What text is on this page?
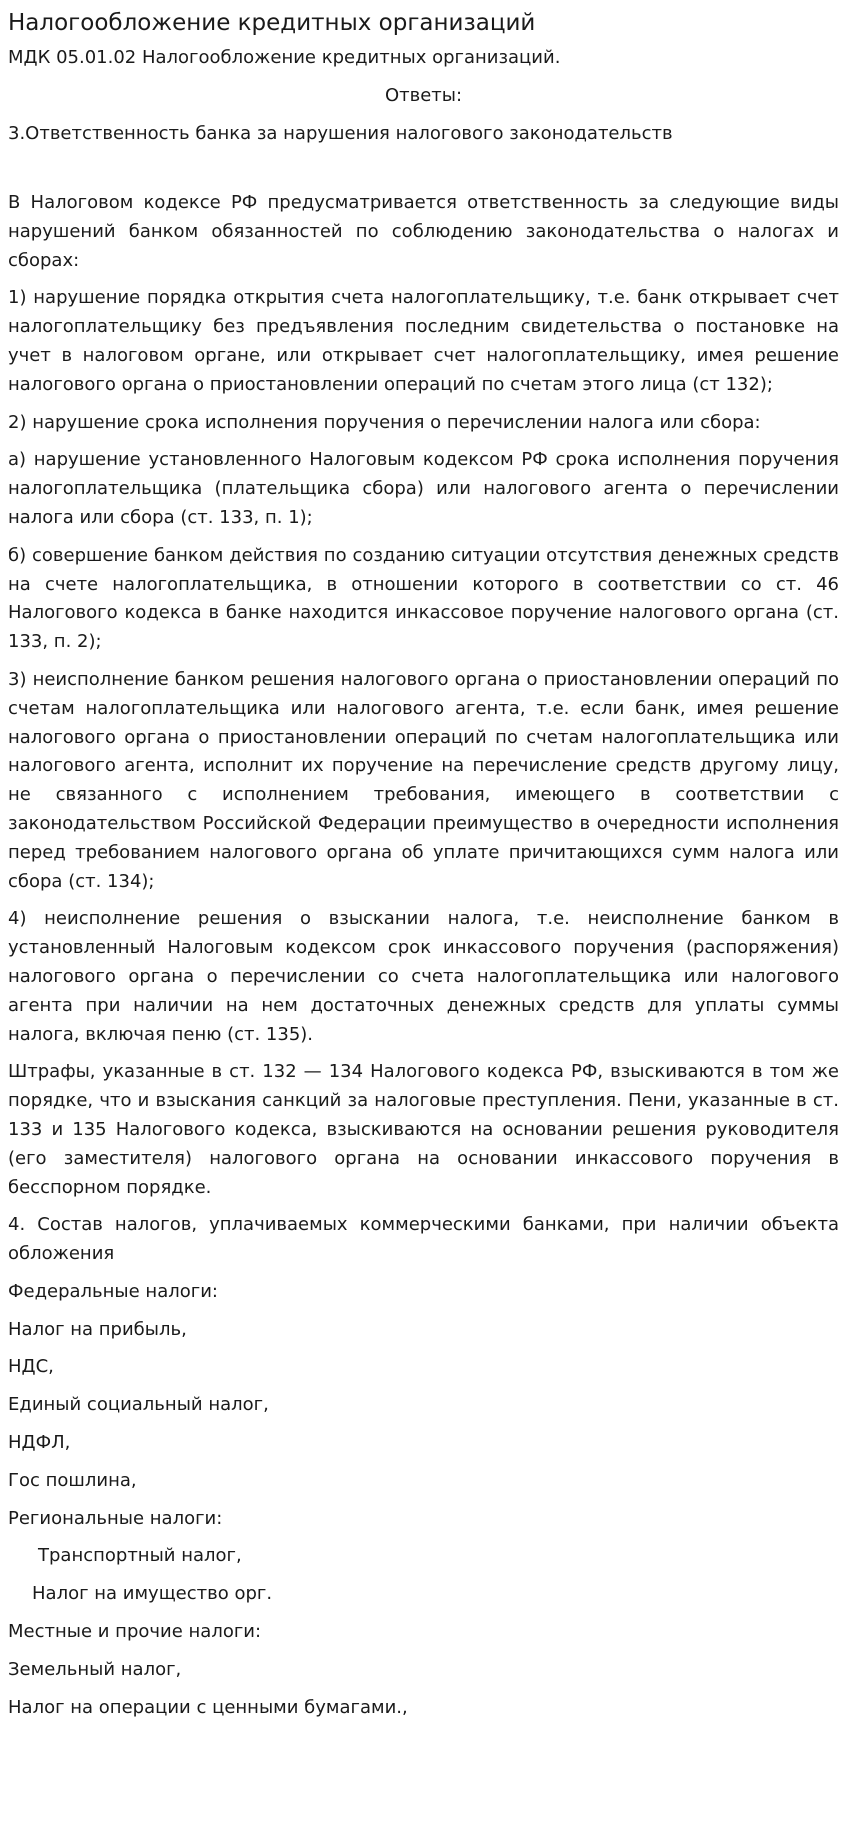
Налогообложение кредитных организаций
МДК 05.01.02 Налогообложение кредитных организаций.
Ответы:
3.Ответственность банка за нарушения налогового законодательств

В Налоговом кодексе РФ предусматривается ответственность за следующие виды нарушений банком обязанностей по соблюдению законодательства о налогах и сборах:

1) нарушение порядка открытия счета налогоплательщику, т.е. банк открывает счет налогоплательщику без предъявления последним свидетельства о постановке на учет в налоговом органе, или открывает счет налогоплательщику, имея решение налогового органа о приостановлении операций по счетам этого лица (ст 132);

2) нарушение срока исполнения поручения о перечислении налога или сбора:

а) нарушение установленного Налоговым кодексом РФ срока исполнения поручения налогоплательщика (плательщика сбора) или налогового агента о перечислении налога или сбора (ст. 133, п. 1);

б) совершение банком действия по созданию ситуации отсутствия денежных средств на счете налогоплательщика, в отношении которого в соответствии со ст. 46 Налогового кодекса в банке находится инкассовое поручение налогового органа (ст. 133, п. 2);

3) неисполнение банком решения налогового органа о приостановлении операций по счетам налогоплательщика или налогового агента, т.е. если банк, имея решение налогового органа о приостановлении операций по счетам налогоплательщика или налогового агента, исполнит их поручение на перечисление средств другому лицу, не связанного с исполнением требования, имеющего в соответствии с законодательством Российской Федерации преимущество в очередности исполнения перед требованием налогового органа об уплате причитающихся сумм налога или сбора (ст. 134);

4) неисполнение решения о взыскании налога, т.е. неисполнение банком в установленный Налоговым кодексом срок инкассового поручения (распоряжения) налогового органа о перечислении со счета налогоплательщика или налогового агента при наличии на нем достаточных денежных средств для уплаты суммы налога, включая пеню (ст. 135).

Штрафы, указанные в ст. 132 — 134 Налогового кодекса РФ, взыскиваются в том же порядке, что и взыскания санкций за налоговые преступления. Пени, указанные в ст. 133 и 135 Налогового кодекса, взыскиваются на основании решения руководителя (его заместителя) налогового органа на основании инкассового поручения в бесспорном порядке.

4. Состав налогов, уплачиваемых коммерческими банками, при наличии объекта обложения

Федеральные налоги:

Налог на прибыль,

НДС,

Единый социальный налог,

НДФЛ,

Гос пошлина,

Региональные налоги:

Транспортный налог,

Налог на имущество орг.

Местные и прочие налоги:

Земельный налог,

Налог на операции с ценными бумагами.,
